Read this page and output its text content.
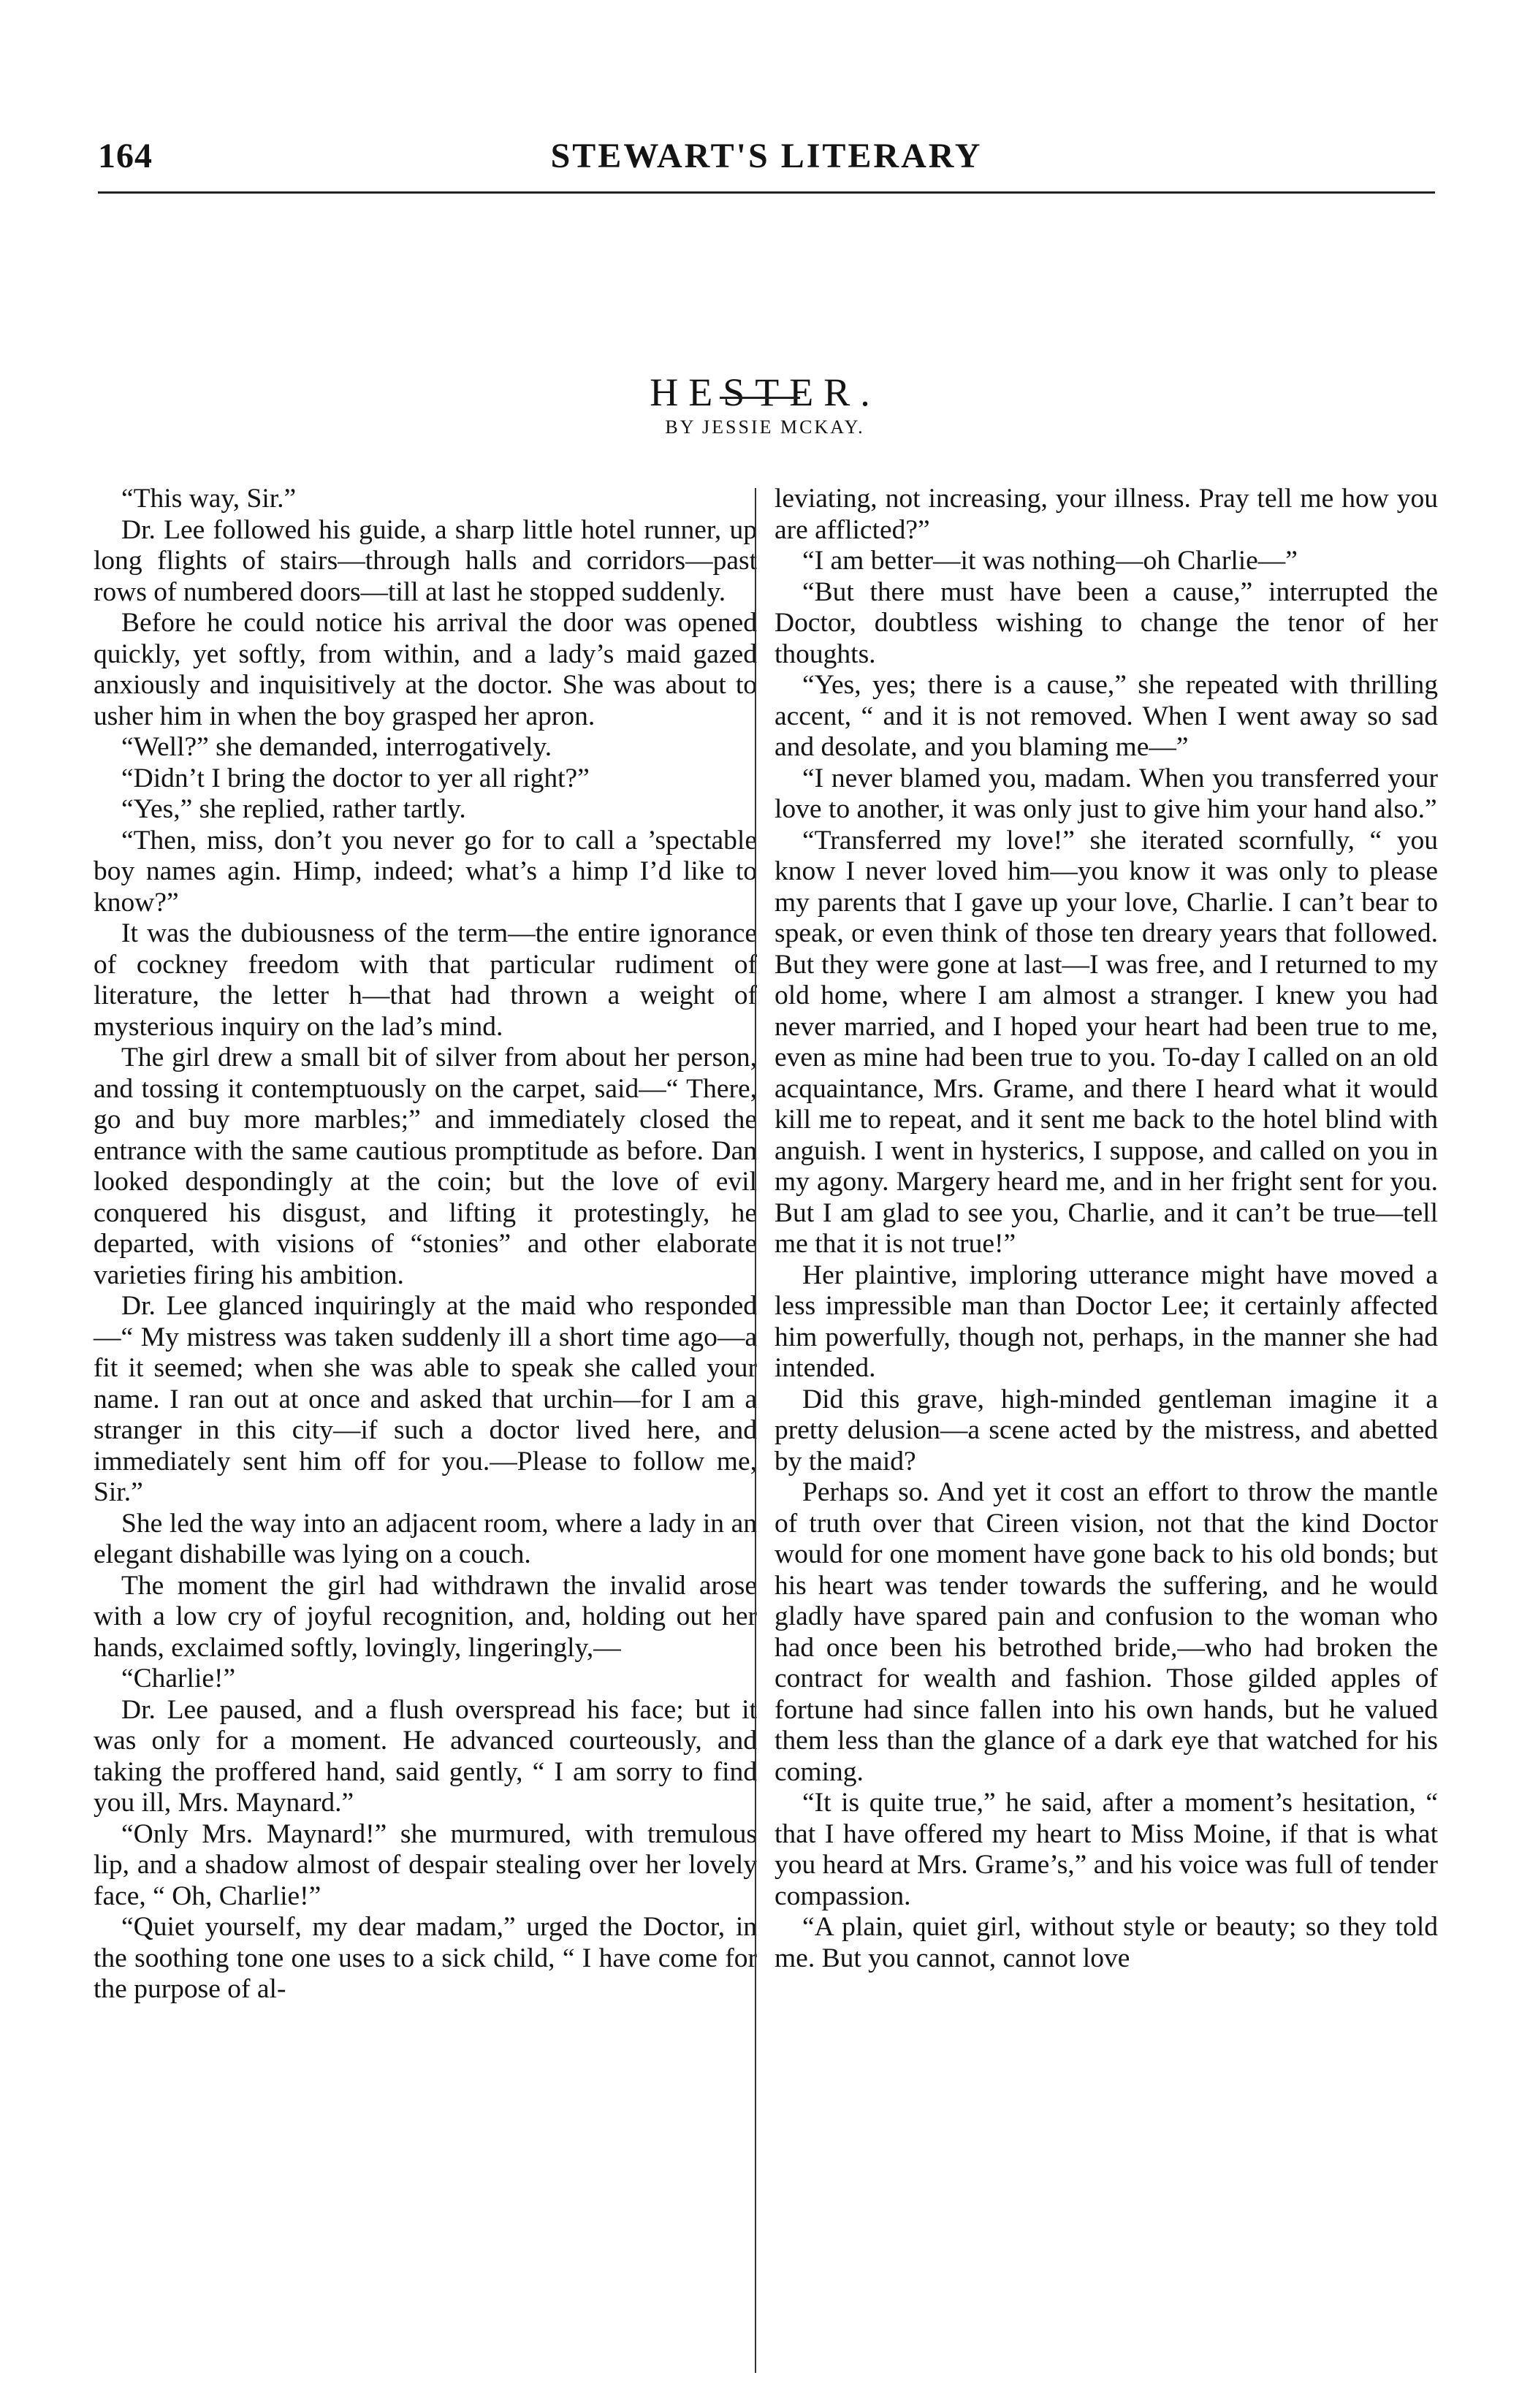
164	STEWART'S LITERARY
HESTER.
BY JESSIE MCKAY.

“This way, Sir.”

Dr. Lee followed his guide, a sharp little hotel runner, up long flights of stairs—through halls and corridors—past rows of numbered doors—till at last he stopped suddenly.

Before he could notice his arrival the door was opened quickly, yet softly, from within, and a lady’s maid gazed anxiously and inquisitively at the doctor. She was about to usher him in when the boy grasped her apron.

“Well?” she demanded, interrogatively.

“Didn’t I bring the doctor to yer all right?”

“Yes,” she replied, rather tartly.

“Then, miss, don’t you never go for to call a ’spectable boy names agin. Himp, indeed; what’s a himp I’d like to know?”

It was the dubiousness of the term—the entire ignorance of cockney freedom with that particular rudiment of literature, the letter h—that had thrown a weight of mysterious inquiry on the lad’s mind.

The girl drew a small bit of silver from about her person, and tossing it contemptuously on the carpet, said—“ There, go and buy more marbles;” and immediately closed the entrance with the same cautious promptitude as before. Dan looked despondingly at the coin; but the love of evil conquered his disgust, and lifting it protestingly, he departed, with visions of “stonies” and other elaborate varieties firing his ambition.

Dr. Lee glanced inquiringly at the maid who responded—“ My mistress was taken suddenly ill a short time ago—a fit it seemed; when she was able to speak she called your name. I ran out at once and asked that urchin—for I am a stranger in this city—if such a doctor lived here, and immediately sent him off for you.—Please to follow me, Sir.”

She led the way into an adjacent room, where a lady in an elegant dishabille was lying on a couch.

The moment the girl had withdrawn the invalid arose with a low cry of joyful recognition, and, holding out her hands, exclaimed softly, lovingly, lingeringly,—

“Charlie!”

Dr. Lee paused, and a flush overspread his face; but it was only for a moment. He advanced courteously, and taking the proffered hand, said gently, “ I am sorry to find you ill, Mrs. Maynard.”

“Only Mrs. Maynard!” she murmured, with tremulous lip, and a shadow almost of despair stealing over her lovely face, “ Oh, Charlie!”

“Quiet yourself, my dear madam,” urged the Doctor, in the soothing tone one uses to a sick child, “ I have come for the purpose of al-

leviating, not increasing, your illness. Pray tell me how you are afflicted?”

“I am better—it was nothing—oh Charlie—”

“But there must have been a cause,” interrupted the Doctor, doubtless wishing to change the tenor of her thoughts.

“Yes, yes; there is a cause,” she repeated with thrilling accent, “ and it is not removed. When I went away so sad and desolate, and you blaming me—”

“I never blamed you, madam. When you transferred your love to another, it was only just to give him your hand also.”

“Transferred my love!” she iterated scornfully, “ you know I never loved him—you know it was only to please my parents that I gave up your love, Charlie. I can’t bear to speak, or even think of those ten dreary years that followed. But they were gone at last—I was free, and I returned to my old home, where I am almost a stranger. I knew you had never married, and I hoped your heart had been true to me, even as mine had been true to you. To-day I called on an old acquaintance, Mrs. Grame, and there I heard what it would kill me to repeat, and it sent me back to the hotel blind with anguish. I went in hysterics, I suppose, and called on you in my agony. Margery heard me, and in her fright sent for you. But I am glad to see you, Charlie, and it can’t be true—tell me that it is not true!”

Her plaintive, imploring utterance might have moved a less impressible man than Doctor Lee; it certainly affected him powerfully, though not, perhaps, in the manner she had intended.

Did this grave, high-minded gentleman imagine it a pretty delusion—a scene acted by the mistress, and abetted by the maid?

Perhaps so. And yet it cost an effort to throw the mantle of truth over that Cireen vision, not that the kind Doctor would for one moment have gone back to his old bonds; but his heart was tender towards the suffering, and he would gladly have spared pain and confusion to the woman who had once been his betrothed bride,—who had broken the contract for wealth and fashion. Those gilded apples of fortune had since fallen into his own hands, but he valued them less than the glance of a dark eye that watched for his coming.

“It is quite true,” he said, after a moment’s hesitation, “ that I have offered my heart to Miss Moine, if that is what you heard at Mrs. Grame’s,” and his voice was full of tender compassion.

“A plain, quiet girl, without style or beauty; so they told me. But you cannot, cannot love
